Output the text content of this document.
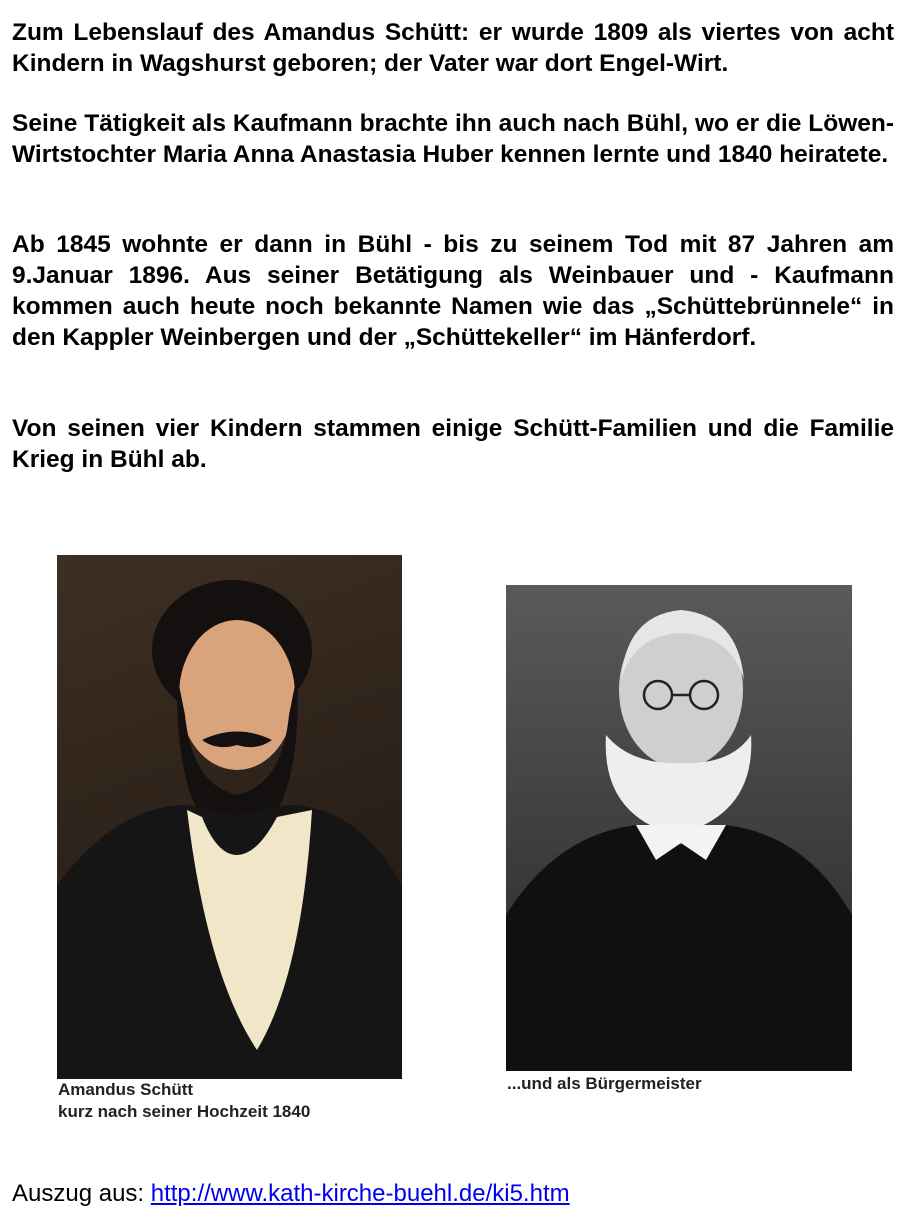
Zum Lebenslauf des Amandus Schütt: er wurde 1809 als viertes von acht Kindern in Wagshurst geboren; der Vater war dort Engel-Wirt.

Seine Tätigkeit als Kaufmann brachte ihn auch nach Bühl, wo er die Löwen-Wirtstochter Maria Anna Anastasia Huber kennen lernte und 1840 heiratete.

Ab 1845 wohnte er dann in Bühl - bis zu seinem Tod mit 87 Jahren am 9.Januar 1896. Aus seiner Betätigung als Weinbauer und - Kaufmann kommen auch heute noch bekannte Namen wie das „Schüttebrünnele“ in den Kappler Weinbergen und der „Schüttekeller“ im Hänferdorf.

Von seinen vier Kindern stammen einige Schütt-Familien und die Familie Krieg in Bühl ab.

Amandus Schütt
kurz nach seiner Hochzeit 1840
...und als Bürgermeister
Auszug aus: http://www.kath-kirche-buehl.de/ki5.htm
